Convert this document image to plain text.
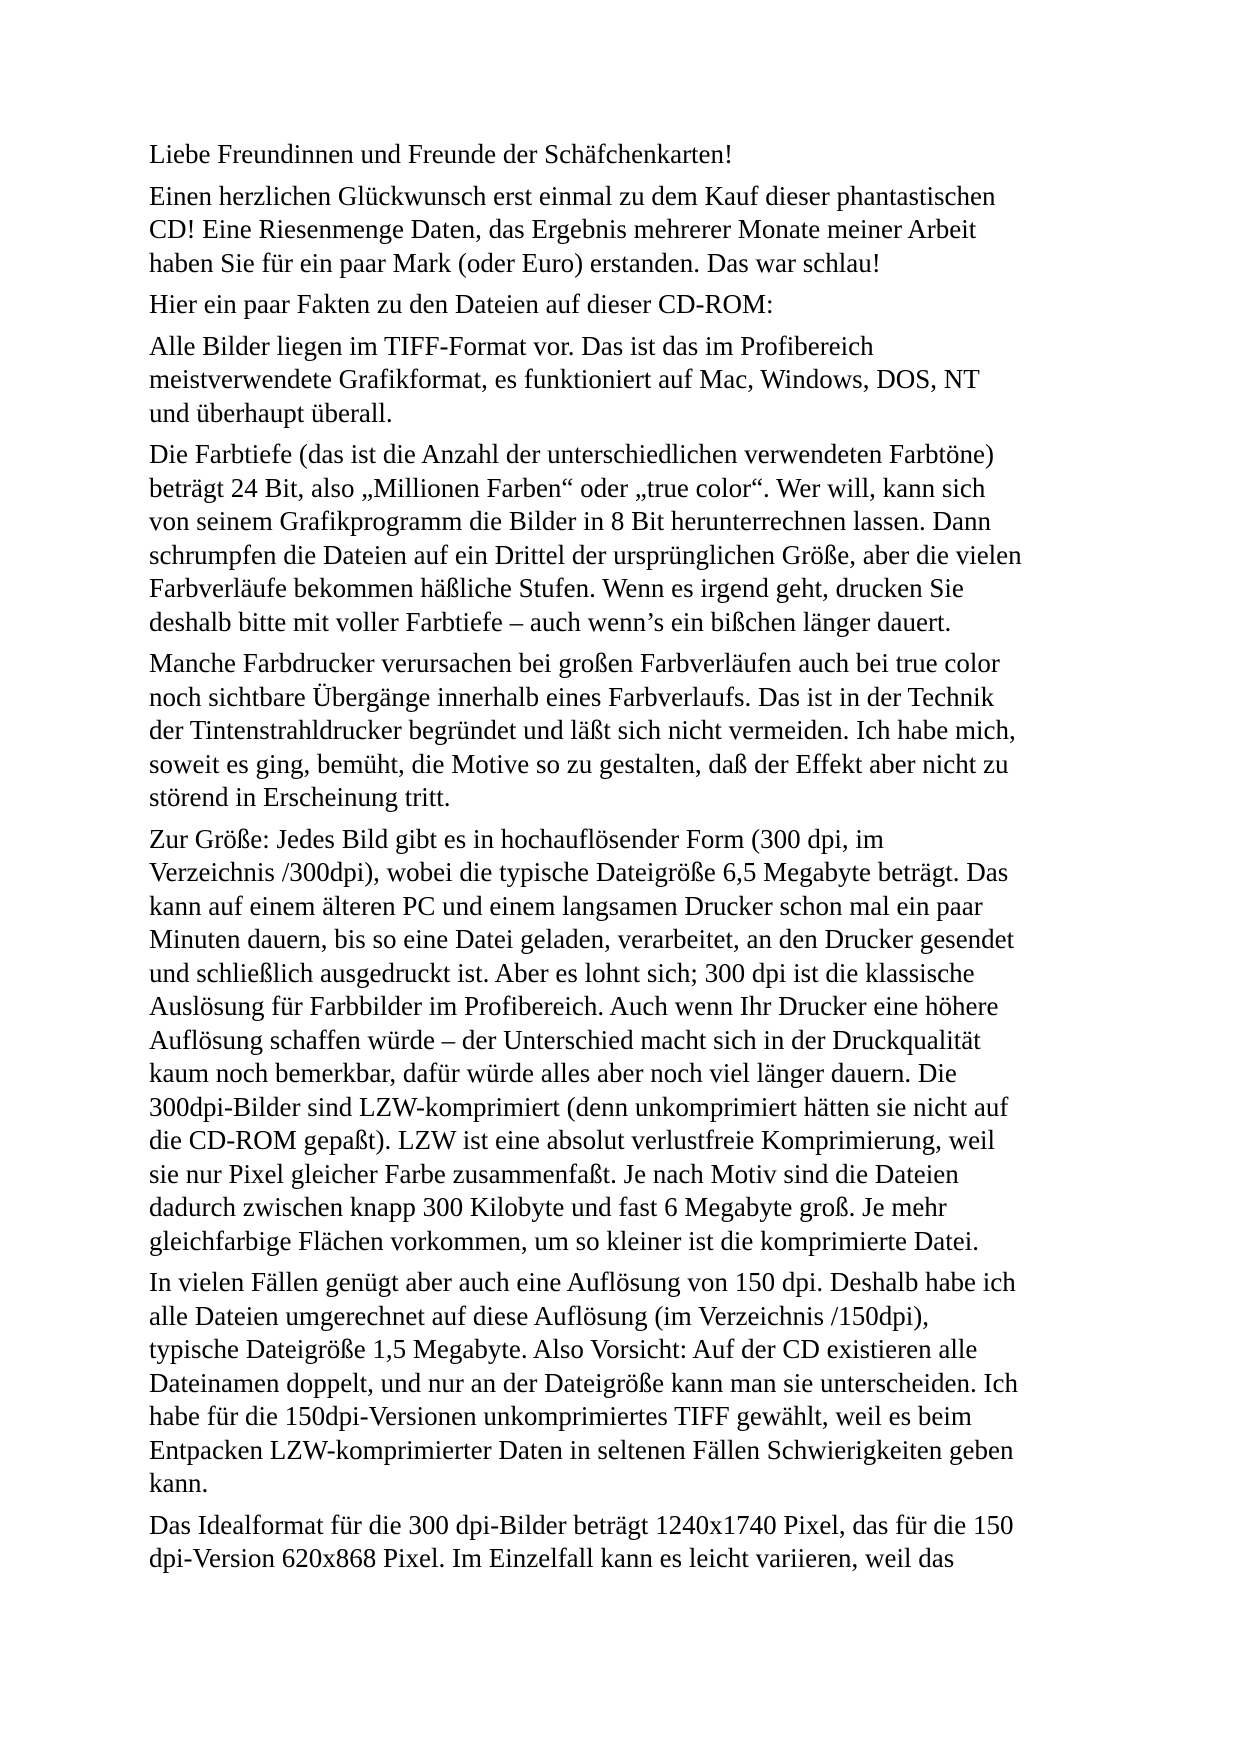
Liebe Freundinnen und Freunde der Schäfchenkarten!
Einen herzlichen Glückwunsch erst einmal zu dem Kauf dieser phantastischen
CD! Eine Riesenmenge Daten, das Ergebnis mehrerer Monate meiner Arbeit
haben Sie für ein paar Mark (oder Euro) erstanden. Das war schlau!
Hier ein paar Fakten zu den Dateien auf dieser CD-ROM:
Alle Bilder liegen im TIFF-Format vor. Das ist das im Profibereich
meistverwendete Grafikformat, es funktioniert auf Mac, Windows, DOS, NT
und überhaupt überall.
Die Farbtiefe (das ist die Anzahl der unterschiedlichen verwendeten Farbtöne)
beträgt 24 Bit, also „Millionen Farben“ oder „true color“. Wer will, kann sich
von seinem Grafikprogramm die Bilder in 8 Bit herunterrechnen lassen. Dann
schrumpfen die Dateien auf ein Drittel der ursprünglichen Größe, aber die vielen
Farbverläufe bekommen häßliche Stufen. Wenn es irgend geht, drucken Sie
deshalb bitte mit voller Farbtiefe – auch wenn’s ein bißchen länger dauert.
Manche Farbdrucker verursachen bei großen Farbverläufen auch bei true color
noch sichtbare Übergänge innerhalb eines Farbverlaufs. Das ist in der Technik
der Tintenstrahldrucker begründet und läßt sich nicht vermeiden. Ich habe mich,
soweit es ging, bemüht, die Motive so zu gestalten, daß der Effekt aber nicht zu
störend in Erscheinung tritt.
Zur Größe: Jedes Bild gibt es in hochauflösender Form (300 dpi, im
Verzeichnis /300dpi), wobei die typische Dateigröße 6,5 Megabyte beträgt. Das
kann auf einem älteren PC und einem langsamen Drucker schon mal ein paar
Minuten dauern, bis so eine Datei geladen, verarbeitet, an den Drucker gesendet
und schließlich ausgedruckt ist. Aber es lohnt sich; 300 dpi ist die klassische
Auslösung für Farbbilder im Profibereich. Auch wenn Ihr Drucker eine höhere
Auflösung schaffen würde – der Unterschied macht sich in der Druckqualität
kaum noch bemerkbar, dafür würde alles aber noch viel länger dauern. Die
300dpi-Bilder sind LZW-komprimiert (denn unkomprimiert hätten sie nicht auf
die CD-ROM gepaßt). LZW ist eine absolut verlustfreie Komprimierung, weil
sie nur Pixel gleicher Farbe zusammenfaßt. Je nach Motiv sind die Dateien
dadurch zwischen knapp 300 Kilobyte und fast 6 Megabyte groß. Je mehr
gleichfarbige Flächen vorkommen, um so kleiner ist die komprimierte Datei.
In vielen Fällen genügt aber auch eine Auflösung von 150 dpi. Deshalb habe ich
alle Dateien umgerechnet auf diese Auflösung (im Verzeichnis /150dpi),
typische Dateigröße 1,5 Megabyte. Also Vorsicht: Auf der CD existieren alle
Dateinamen doppelt, und nur an der Dateigröße kann man sie unterscheiden. Ich
habe für die 150dpi-Versionen unkomprimiertes TIFF gewählt, weil es beim
Entpacken LZW-komprimierter Daten in seltenen Fällen Schwierigkeiten geben
kann.
Das Idealformat für die 300 dpi-Bilder beträgt 1240x1740 Pixel, das für die 150
dpi-Version 620x868 Pixel. Im Einzelfall kann es leicht variieren, weil das
